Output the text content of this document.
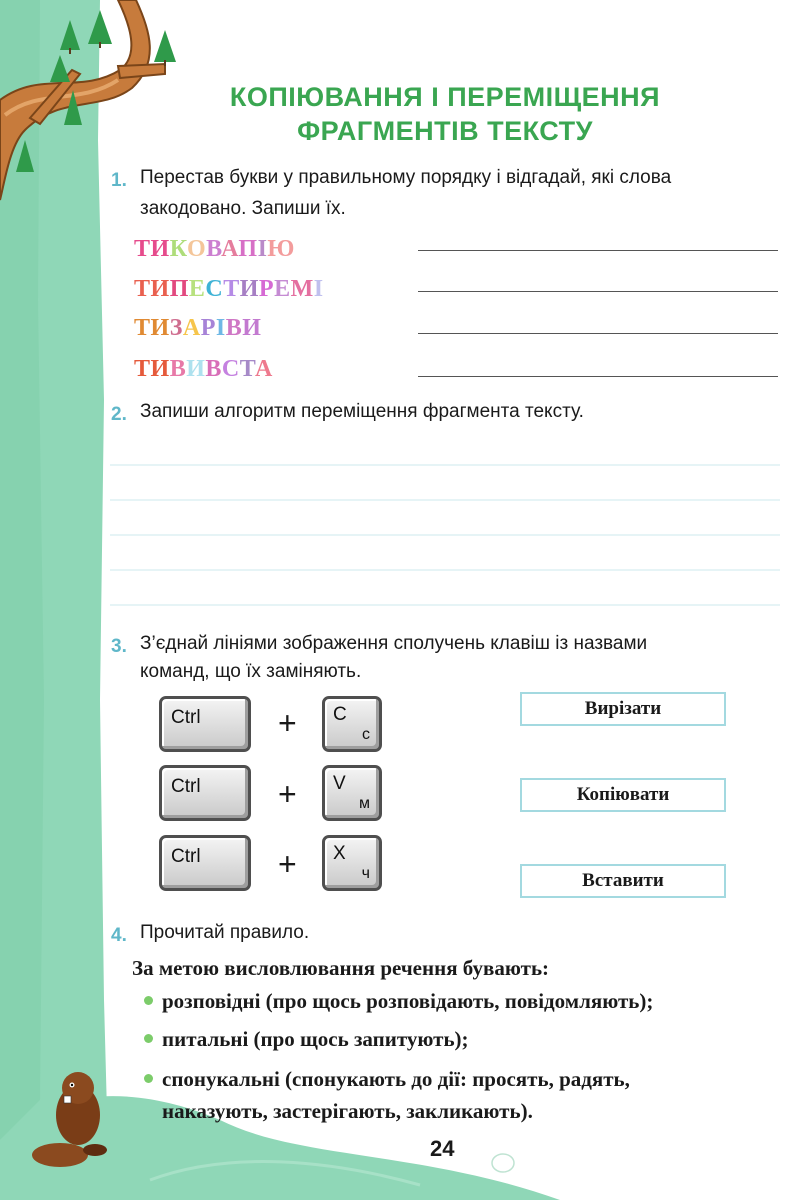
КОПІЮВАННЯ І ПЕРЕМІЩЕННЯ
ФРАГМЕНТІВ ТЕКСТУ
1. Перестав букви у правильному порядку і відгадай, які слова
закодовано. Запиши їх.
ТИКОВАПІЮ
ТИПЕСТИРЕМІ
ТИЗАРІВИ
ТИВИВСТА
2. Запиши алгоритм переміщення фрагмента тексту.
3. З’єднай лініями зображення сполучень клавіш із назвами
команд, що їх заміняють.
Ctrl	+ C
с
Ctrl	+ V
м
Ctrl	+ X
ч
Вирізати
Копіювати
Вставити
4. Прочитай правило.
За метою висловлювання речення бувають:
розповідні (про щось розповідають, повідомляють);
питальні (про щось запитують);
спонукальні (спонукають до дії: просять, радять,
наказують, застерігають, закликають).
24
